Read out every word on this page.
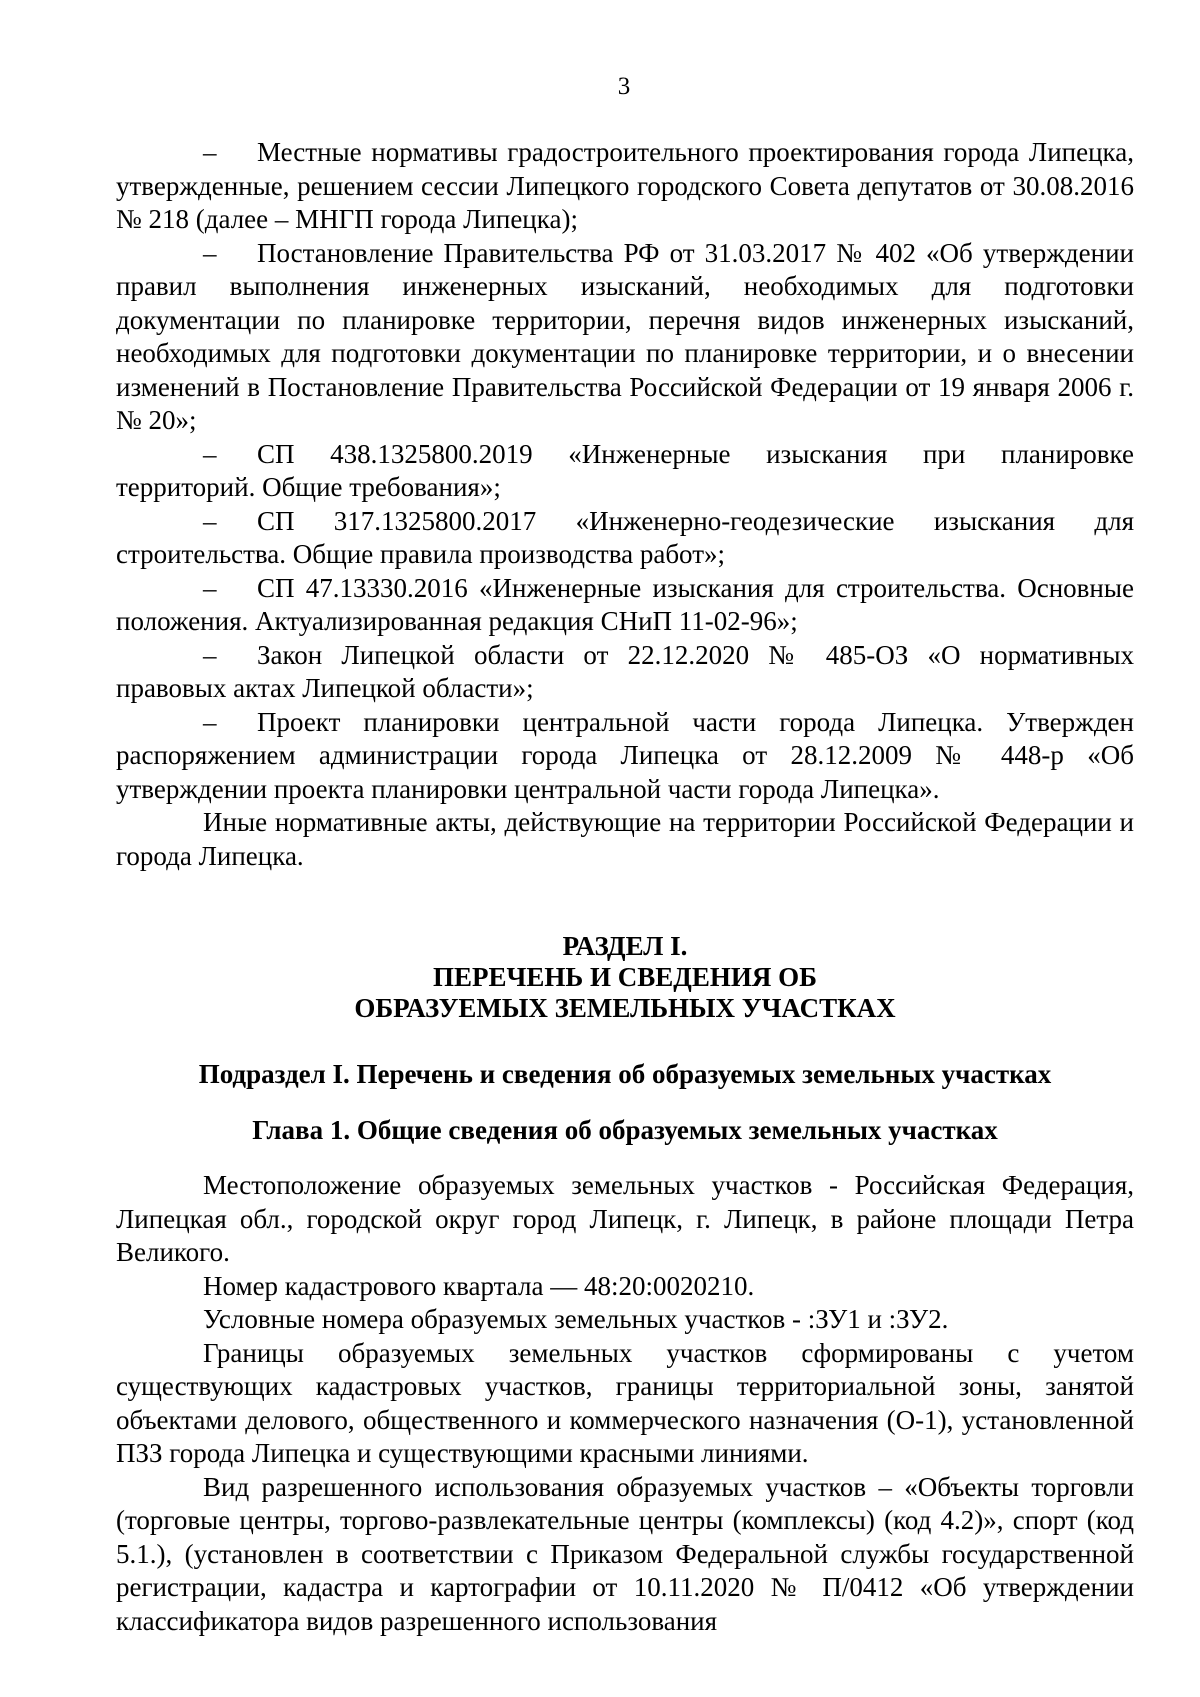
3

– Местные нормативы градостроительного проектирования города Липецка, утвержденные, решением сессии Липецкого городского Совета депутатов от 30.08.2016 № 218 (далее – МНГП города Липецка);

– Постановление Правительства РФ от 31.03.2017 № 402 «Об утверждении правил выполнения инженерных изысканий, необходимых для подготовки документации по планировке территории, перечня видов инженерных изысканий, необходимых для подготовки документации по планировке территории, и о внесении изменений в Постановление Правительства Российской Федерации от 19 января 2006 г. № 20»;

– СП 438.1325800.2019 «Инженерные изыскания при планировке территорий. Общие требования»;

– СП 317.1325800.2017 «Инженерно-геодезические изыскания для строительства. Общие правила производства работ»;

– СП 47.13330.2016 «Инженерные изыскания для строительства. Основные положения. Актуализированная редакция СНиП 11-02-96»;

– Закон Липецкой области от 22.12.2020 № 485-ОЗ «О нормативных правовых актах Липецкой области»;

– Проект планировки центральной части города Липецка. Утвержден распоряжением администрации города Липецка от 28.12.2009 № 448-р «Об утверждении проекта планировки центральной части города Липецка».

Иные нормативные акты, действующие на территории Российской Федерации и города Липецка.

РАЗДЕЛ I.
ПЕРЕЧЕНЬ И СВЕДЕНИЯ ОБ
ОБРАЗУЕМЫХ ЗЕМЕЛЬНЫХ УЧАСТКАХ
Подраздел I. Перечень и сведения об образуемых земельных участках
Глава 1. Общие сведения об образуемых земельных участках

Местоположение образуемых земельных участков - Российская Федерация, Липецкая обл., городской округ город Липецк, г. Липецк, в районе площади Петра Великого.

Номер кадастрового квартала — 48:20:0020210.

Условные номера образуемых земельных участков - :ЗУ1 и :ЗУ2.

Границы образуемых земельных участков сформированы с учетом существующих кадастровых участков, границы территориальной зоны, занятой объектами делового, общественного и коммерческого назначения (О-1), установленной ПЗЗ города Липецка и существующими красными линиями.

Вид разрешенного использования образуемых участков – «Объекты торговли (торговые центры, торгово-развлекательные центры (комплексы) (код 4.2)», спорт (код 5.1.), (установлен в соответствии с Приказом Федеральной службы государственной регистрации, кадастра и картографии от 10.11.2020 № П/0412 «Об утверждении классификатора видов разрешенного использования
